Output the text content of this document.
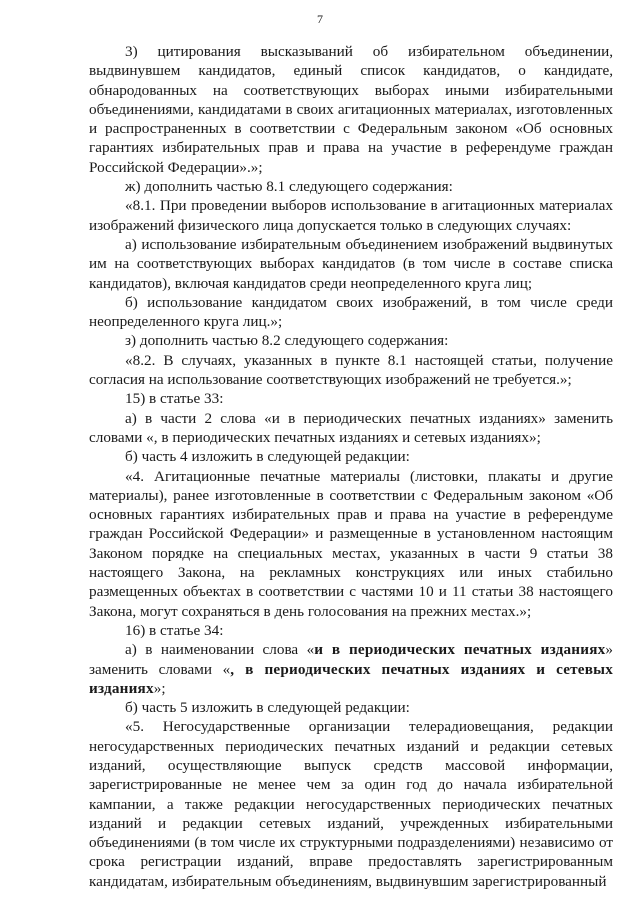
7

3) цитирования высказываний об избирательном объединении, выдвинувшем кандидатов, единый список кандидатов, о кандидате, обнародованных на соответствующих выборах иными избирательными объединениями, кандидатами в своих агитационных материалах, изготовленных и распространенных в соответствии с Федеральным законом «Об основных гарантиях избирательных прав и права на участие в референдуме граждан Российской Федерации».»;

ж) дополнить частью 8.1 следующего содержания:

«8.1. При проведении выборов использование в агитационных материалах изображений физического лица допускается только в следующих случаях:

а) использование избирательным объединением изображений выдвинутых им на соответствующих выборах кандидатов (в том числе в составе списка кандидатов), включая кандидатов среди неопределенного круга лиц;

б) использование кандидатом своих изображений, в том числе среди неопределенного круга лиц.»;

з) дополнить частью 8.2 следующего содержания:

«8.2. В случаях, указанных в пункте 8.1 настоящей статьи, получение согласия на использование соответствующих изображений не требуется.»;

15) в статье 33:

а) в части 2 слова «и в периодических печатных изданиях» заменить словами «, в периодических печатных изданиях и сетевых изданиях»;

б) часть 4 изложить в следующей редакции:

«4. Агитационные печатные материалы (листовки, плакаты и другие материалы), ранее изготовленные в соответствии с Федеральным законом «Об основных гарантиях избирательных прав и права на участие в референдуме граждан Российской Федерации» и размещенные в установленном настоящим Законом порядке на специальных местах, указанных в части 9 статьи 38 настоящего Закона, на рекламных конструкциях или иных стабильно размещенных объектах в соответствии с частями 10 и 11 статьи 38 настоящего Закона, могут сохраняться в день голосования на прежних местах.»;

16) в статье 34:

а) в наименовании слова «и в периодических печатных изданиях» заменить словами «, в периодических печатных изданиях и сетевых изданиях»;

б) часть 5 изложить в следующей редакции:

«5. Негосударственные организации телерадиовещания, редакции негосударственных периодических печатных изданий и редакции сетевых изданий, осуществляющие выпуск средств массовой информации, зарегистрированные не менее чем за один год до начала избирательной кампании, а также редакции негосударственных периодических печатных изданий и редакции сетевых изданий, учрежденных избирательными объединениями (в том числе их структурными подразделениями) независимо от срока регистрации изданий, вправе предоставлять зарегистрированным кандидатам, избирательным объединениям, выдвинувшим зарегистрированный
